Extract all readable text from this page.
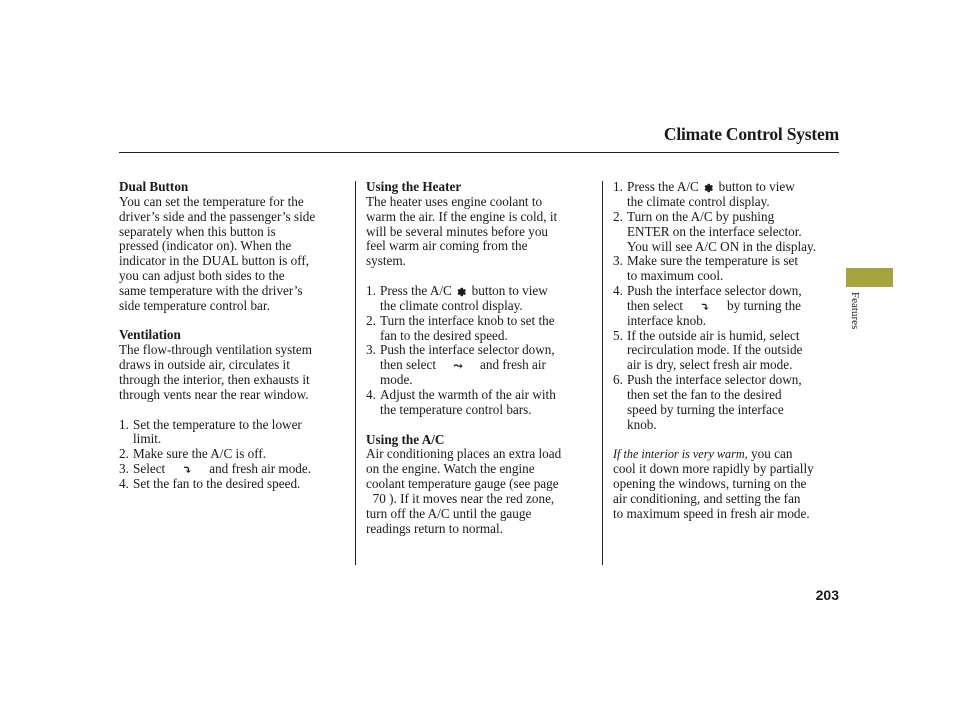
Climate Control System

Dual Button

You can set the temperature for the

driver’s side and the passenger’s side

separately when this button is

pressed (indicator on). When the

indicator in the DUAL button is off,

you can adjust both sides to the

same temperature with the driver’s

side temperature control bar.

Ventilation

The flow-through ventilation system

draws in outside air, circulates it

through the interior, then exhausts it

through vents near the rear window.

1. Set the temperature to the lower
limit.
2. Make sure the A/C is off.
3. Select ⤵︎ and fresh air mode.
4. Set the fan to the desired speed.

Using the Heater

The heater uses engine coolant to

warm the air. If the engine is cold, it

will be several minutes before you

feel warm air coming from the

system.

1. Press the A/C ✽ button to view
the climate control display.
2. Turn the interface knob to set the
fan to the desired speed.
3. Push the interface selector down,
then select ⤳ and fresh air
mode.
4. Adjust the warmth of the air with
the temperature control bars.

Using the A/C

Air conditioning places an extra load

on the engine. Watch the engine

coolant temperature gauge (see page

70 ). If it moves near the red zone,

turn off the A/C until the gauge

readings return to normal.

1. Press the A/C ✽ button to view
the climate control display.
2. Turn on the A/C by pushing
ENTER on the interface selector.
You will see A/C ON in the display.
3. Make sure the temperature is set
to maximum cool.
4. Push the interface selector down,
then select ⤵︎ by turning the
interface knob.
5. If the outside air is humid, select
recirculation mode. If the outside
air is dry, select fresh air mode.
6. Push the interface selector down,
then set the fan to the desired
speed by turning the interface
knob.

If the interior is very warm, you can

cool it down more rapidly by partially

opening the windows, turning on the

air conditioning, and setting the fan

to maximum speed in fresh air mode.

Features
203
